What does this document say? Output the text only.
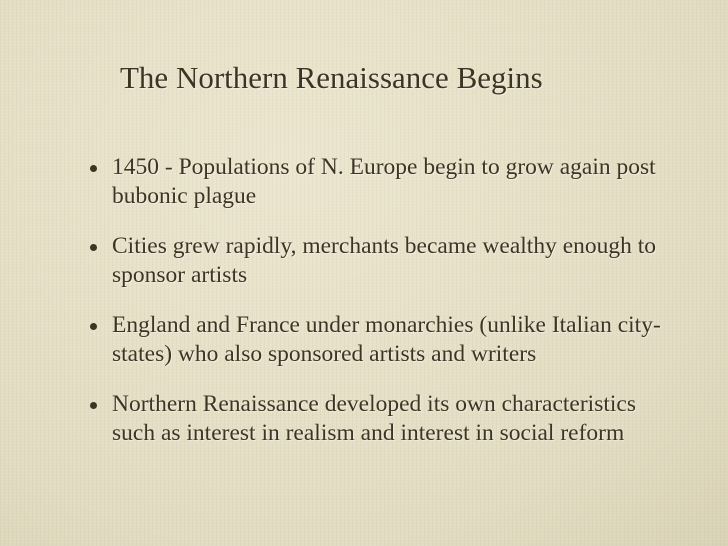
The Northern Renaissance Begins
1450 - Populations of N. Europe begin to grow again post bubonic plague
Cities grew rapidly, merchants became wealthy enough to sponsor artists
England and France under monarchies (unlike Italian city-states) who also sponsored artists and writers
Northern Renaissance developed its own characteristics such as interest in realism and interest in social reform
